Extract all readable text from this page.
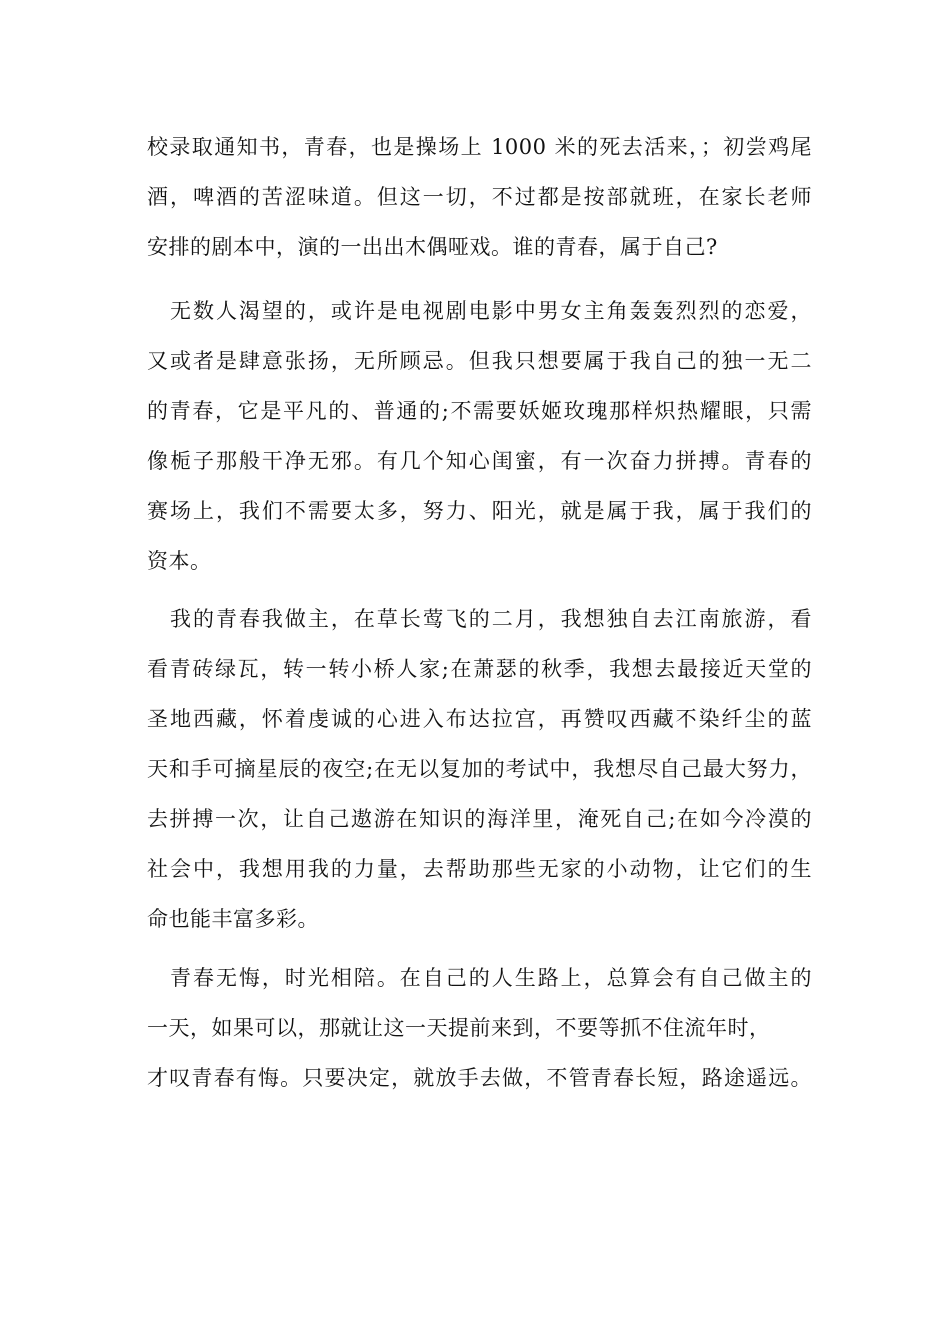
校录取通知书，青春，也是操场上 1000 米的死去活来，；初尝鸡尾
酒，啤酒的苦涩味道。但这一切，不过都是按部就班，在家长老师
安排的剧本中，演的一出出木偶哑戏。谁的青春，属于自己?
　无数人渴望的，或许是电视剧电影中男女主角轰轰烈烈的恋爱，
又或者是肆意张扬，无所顾忌。但我只想要属于我自己的独一无二
的青春，它是平凡的、普通的;不需要妖姬玫瑰那样炽热耀眼，只需
像栀子那般干净无邪。有几个知心闺蜜，有一次奋力拼搏。青春的
赛场上，我们不需要太多，努力、阳光，就是属于我，属于我们的
资本。
　我的青春我做主，在草长莺飞的二月，我想独自去江南旅游，看
看青砖绿瓦，转一转小桥人家;在萧瑟的秋季，我想去最接近天堂的
圣地西藏，怀着虔诚的心进入布达拉宫，再赞叹西藏不染纤尘的蓝
天和手可摘星辰的夜空;在无以复加的考试中，我想尽自己最大努力，
去拼搏一次，让自己遨游在知识的海洋里，淹死自己;在如今冷漠的
社会中，我想用我的力量，去帮助那些无家的小动物，让它们的生
命也能丰富多彩。
　青春无悔，时光相陪。在自己的人生路上，总算会有自己做主的
一天，如果可以，那就让这一天提前来到，不要等抓不住流年时，
才叹青春有悔。只要决定，就放手去做，不管青春长短，路途遥远。
